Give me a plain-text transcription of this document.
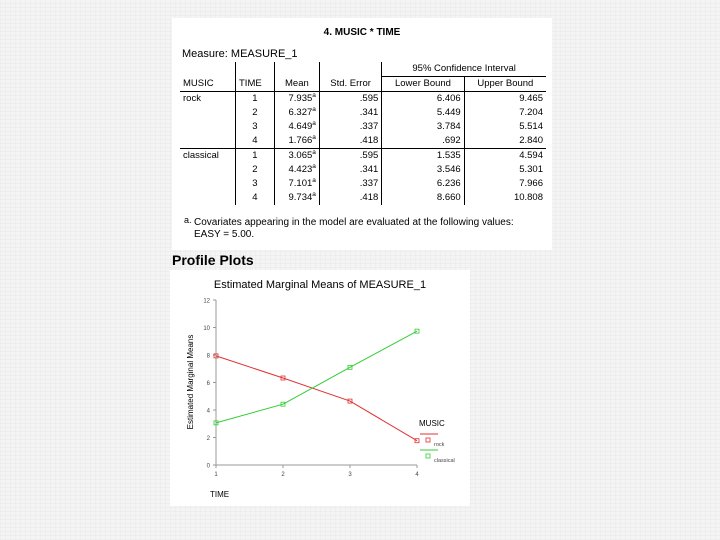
4. MUSIC * TIME
Measure: MEASURE_1
				95% Confidence Interval	
MUSIC	TIME	Mean	Std. Error	Lower Bound	Upper Bound
rock	1	7.935$^a$	.595	6.406	9.465
	2	6.327$^a$	.341	5.449	7.204
	3	4.649$^a$	.337	3.784	5.514
	4	1.766$^a$	.418	.692	2.840
classical	1	3.065$^a$	.595	1.535	4.594
	2	4.423$^a$	.341	3.546	5.301
	3	7.101$^a$	.337	6.236	7.966
	4	9.734$^a$	.418	8.660	10.808
a. Covariates appearing in the model are evaluated at the following values: EASY = 5.00.
Profile Plots
Estimated Marginal Means of MEASURE_1
0
2
4
6
8
10
12
1	2	3	4
TIME
Estimated Marginal Means	MUSIC
rock
classical
